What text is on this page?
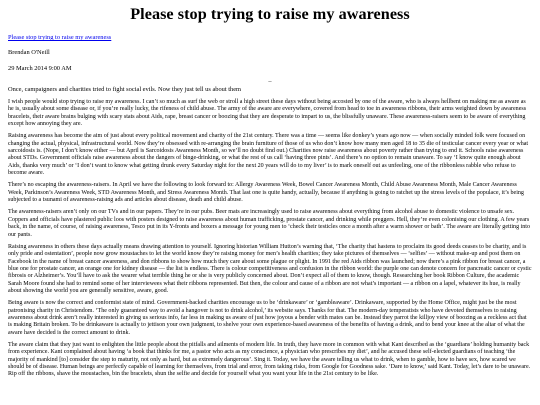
Please stop trying to raise my awareness
Please stop trying to raise my awareness
Brendan O'Neill
29 March 2014 9:00 AM
–
Once, campaigners and charities tried to fight social evils. Now they just tell us about them

I wish people would stop trying to raise my awareness. I can’t so much as surf the web or stroll a high street these days without being accosted by one of the aware, who is always hellbent on making me as aware as he is, usually about some disease or, if you’re really lucky, the rifeness of child abuse. The army of the aware are everywhere, covered from head to toe in awareness ribbons, their arms weighted down by awareness bracelets, their aware brains bulging with scary stats about Aids, rape, breast cancer or boozing that they are desperate to impart to us, the blissfully unaware. These awareness-raisers seem to be aware of everything except how annoying they are.

Raising awareness has become the aim of just about every political movement and charity of the 21st century. There was a time — seems like donkey’s years ago now — when socially minded folk were focused on changing the actual, physical, infrastructural world. Now they’re obsessed with re-arranging the brain furniture of those of us who don’t know how many men aged 18 to 35 die of testicular cancer every year or what sarcoidosis is. (Nope, I don’t know either — but April is Sarcoidosis Awareness Month, so we’ll no doubt find out.) Charities now raise awareness about poverty rather than trying to end it. Schools raise awareness about STDs. Government officials raise awareness about the dangers of binge-drinking, or what the rest of us call ‘having three pints’. And there’s no option to remain unaware. To say ‘I know quite enough about Aids, thanks very much’ or ‘I don’t want to know what getting drunk every Saturday night for the next 20 years will do to my liver’ is to mark oneself out as unfeeling, one of the ribbonless rabble who refuse to become aware.

There’s no escaping the awareness-raisers. In April we have the following to look forward to: Allergy Awareness Week, Bowel Cancer Awareness Month, Child Abuse Awareness Month, Male Cancer Awareness Week, Parkinson’s Awareness Week, STD Awareness Month, and Stress Awareness Month. That last one is quite handy, actually, because if anything is going to ratchet up the stress levels of the populace, it’s being subjected to a tsunami of awareness-raising ads and articles about disease, death and child abuse.

The awareness-raisers aren’t only on our TVs and in our papers. They’re in our pubs. Beer mats are increasingly used to raise awareness about everything from alcohol abuse to domestic violence to unsafe sex. Coppers and officials have plastered public loos with posters designed to raise awareness about human trafficking, prostate cancer, and drinking while preggers. Hell, they’re even colonising our clothing. A few years back, in the name, of course, of raising awareness, Tesco put in its Y-fronts and boxers a message for young men to ‘check their testicles once a month after a warm shower or bath’. The aware are literally getting into our pants.

Raising awareness in others these days actually means drawing attention to yourself. Ignoring historian William Hutton’s warning that, ‘The charity that hastens to proclaim its good deeds ceases to be charity, and is only pride and ostentation’, people now grow moustaches to let the world know they’re raising money for men’s health charities; they take pictures of themselves — ‘selfies’ — without make-up and post them on Facebook in the name of breast cancer awareness, and don ribbons to show how much they care about some plague or plight. In 1991 the red Aids ribbon was launched; now there’s a pink ribbon for breast cancer, a blue one for prostate cancer, an orange one for kidney disease — the list is endless. There is colour competitiveness and confusion in the ribbon world: the purple one can denote concern for pancreatic cancer or cystic fibrosis or Alzheimer’s. You’ll have to ask the wearer what terrible thing he or she is very publicly concerned about. Don’t expect all of them to know, though. Researching her book Ribbon Culture, the academic Sarah Moore found she had to remind some of her interviewees what their ribbons represented. But then, the colour and cause of a ribbon are not what’s important — a ribbon on a lapel, whatever its hue, is really about showing the world you are generally sensitive, aware, good.

Being aware is now the correct and conformist state of mind. Government-backed charities encourage us to be ‘drinkaware’ or ‘gambleaware’. Drinkaware, supported by the Home Office, might just be the most patronising charity in Christendom. ‘The only guaranteed way to avoid a hangover is not to drink alcohol,’ its website says. Thanks for that. The modern-day temperatists who have devoted themselves to raising awareness about drink aren’t really interested in giving us serious info, far less in making us aware of just how joyous a bender with mates can be. Instead they parrot the killjoy view of boozing as a reckless act that is making Britain broken. To be drinkaware is actually to jettison your own judgment, to shelve your own experience-based awareness of the benefits of having a drink, and to bend your knee at the altar of what the aware have decided is the correct amount to drink.

The aware claim that they just want to enlighten the little people about the pitfalls and ailments of modern life. In truth, they have more in common with what Kant described as the ‘guardians’ holding humanity back from experience. Kant complained about having ‘a book that thinks for me, a pastor who acts as my conscience, a physician who prescribes my diet’, and he accused these self-elected guardians of teaching ‘the majority of mankind [to] consider the step to maturity, not only as hard, but as extremely dangerous’. Sing it. Today, we have the aware telling us what to drink, when to gamble, how to have sex, how scared we should be of disease. Human beings are perfectly capable of learning for themselves, from trial and error, from taking risks, from Google for Goodness sake. ‘Dare to know,’ said Kant. Today, let’s dare to be unaware. Rip off the ribbons, shave the moustaches, bin the bracelets, shun the selfie and decide for yourself what you want your life in the 21st century to be like.
